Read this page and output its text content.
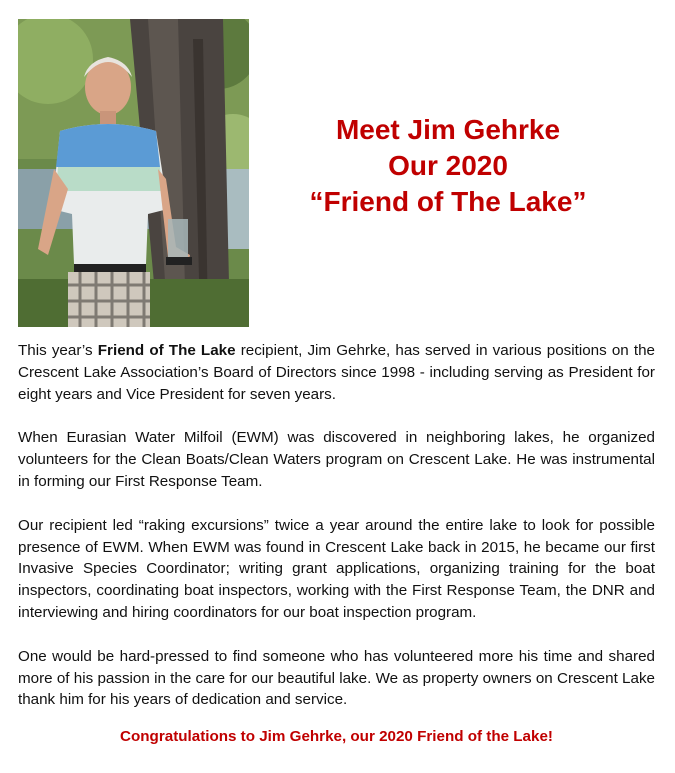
Meet Jim Gehrke
Our 2020
“Friend of The Lake”

This year’s Friend of The Lake recipient, Jim Gehrke, has served in various positions on the Crescent Lake Association’s Board of Directors since 1998 - including serving as President for eight years and Vice President for seven years.

When Eurasian Water Milfoil (EWM) was discovered in neighboring lakes, he organized volunteers for the Clean Boats/Clean Waters program on Crescent Lake. He was instrumental in forming our First Response Team.

Our recipient led “raking excursions” twice a year around the entire lake to look for possible presence of EWM. When EWM was found in Crescent Lake back in 2015, he became our first Invasive Species Coordinator; writing grant applications, organizing training for the boat inspectors, coordinating boat inspectors, working with the First Response Team, the DNR and interviewing and hiring coordinators for our boat inspection program.

One would be hard-pressed to find someone who has volunteered more his time and shared more of his passion in the care for our beautiful lake. We as property owners on Crescent Lake thank him for his years of dedication and service.

Congratulations to Jim Gehrke, our 2020 Friend of the Lake!
